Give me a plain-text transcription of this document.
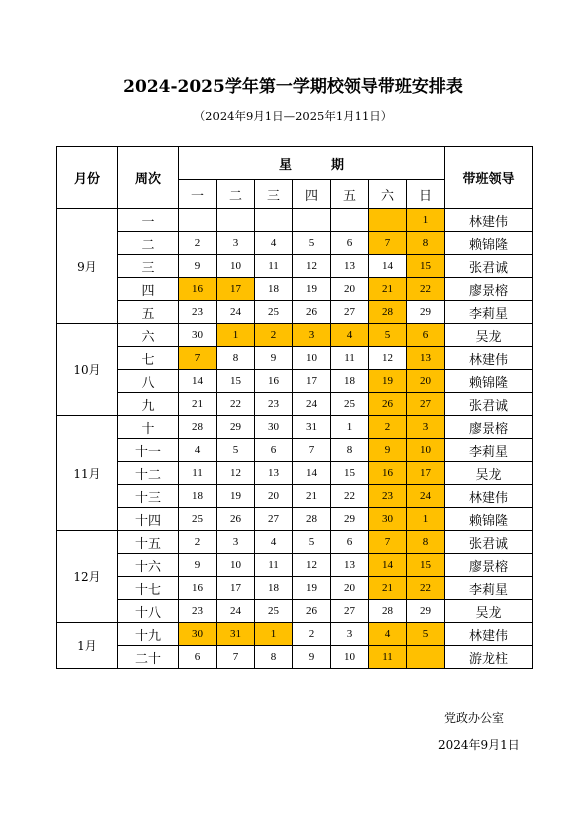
2024-2025学年第一学期校领导带班安排表
（2024年9月1日—2025年1月11日）
月份	周次	星　　　期							带班领导
		一	二	三	四	五	六	日	
9月	一							1	林建伟
	二	2	3	4	5	6	7	8	赖锦隆
	三	9	10	11	12	13	14	15	张君诚
	四	16	17	18	19	20	21	22	廖景榕
	五	23	24	25	26	27	28	29	李莉星
10月	六	30	1	2	3	4	5	6	吴龙
	七	7	8	9	10	11	12	13	林建伟
	八	14	15	16	17	18	19	20	赖锦隆
	九	21	22	23	24	25	26	27	张君诚
11月	十	28	29	30	31	1	2	3	廖景榕
	十一	4	5	6	7	8	9	10	李莉星
	十二	11	12	13	14	15	16	17	吴龙
	十三	18	19	20	21	22	23	24	林建伟
	十四	25	26	27	28	29	30	1	赖锦隆
12月	十五	2	3	4	5	6	7	8	张君诚
	十六	9	10	11	12	13	14	15	廖景榕
	十七	16	17	18	19	20	21	22	李莉星
	十八	23	24	25	26	27	28	29	吴龙
1月	十九	30	31	1	2	3	4	5	林建伟
	二十	6	7	8	9	10	11		游龙柱
党政办公室
2024年9月1日
